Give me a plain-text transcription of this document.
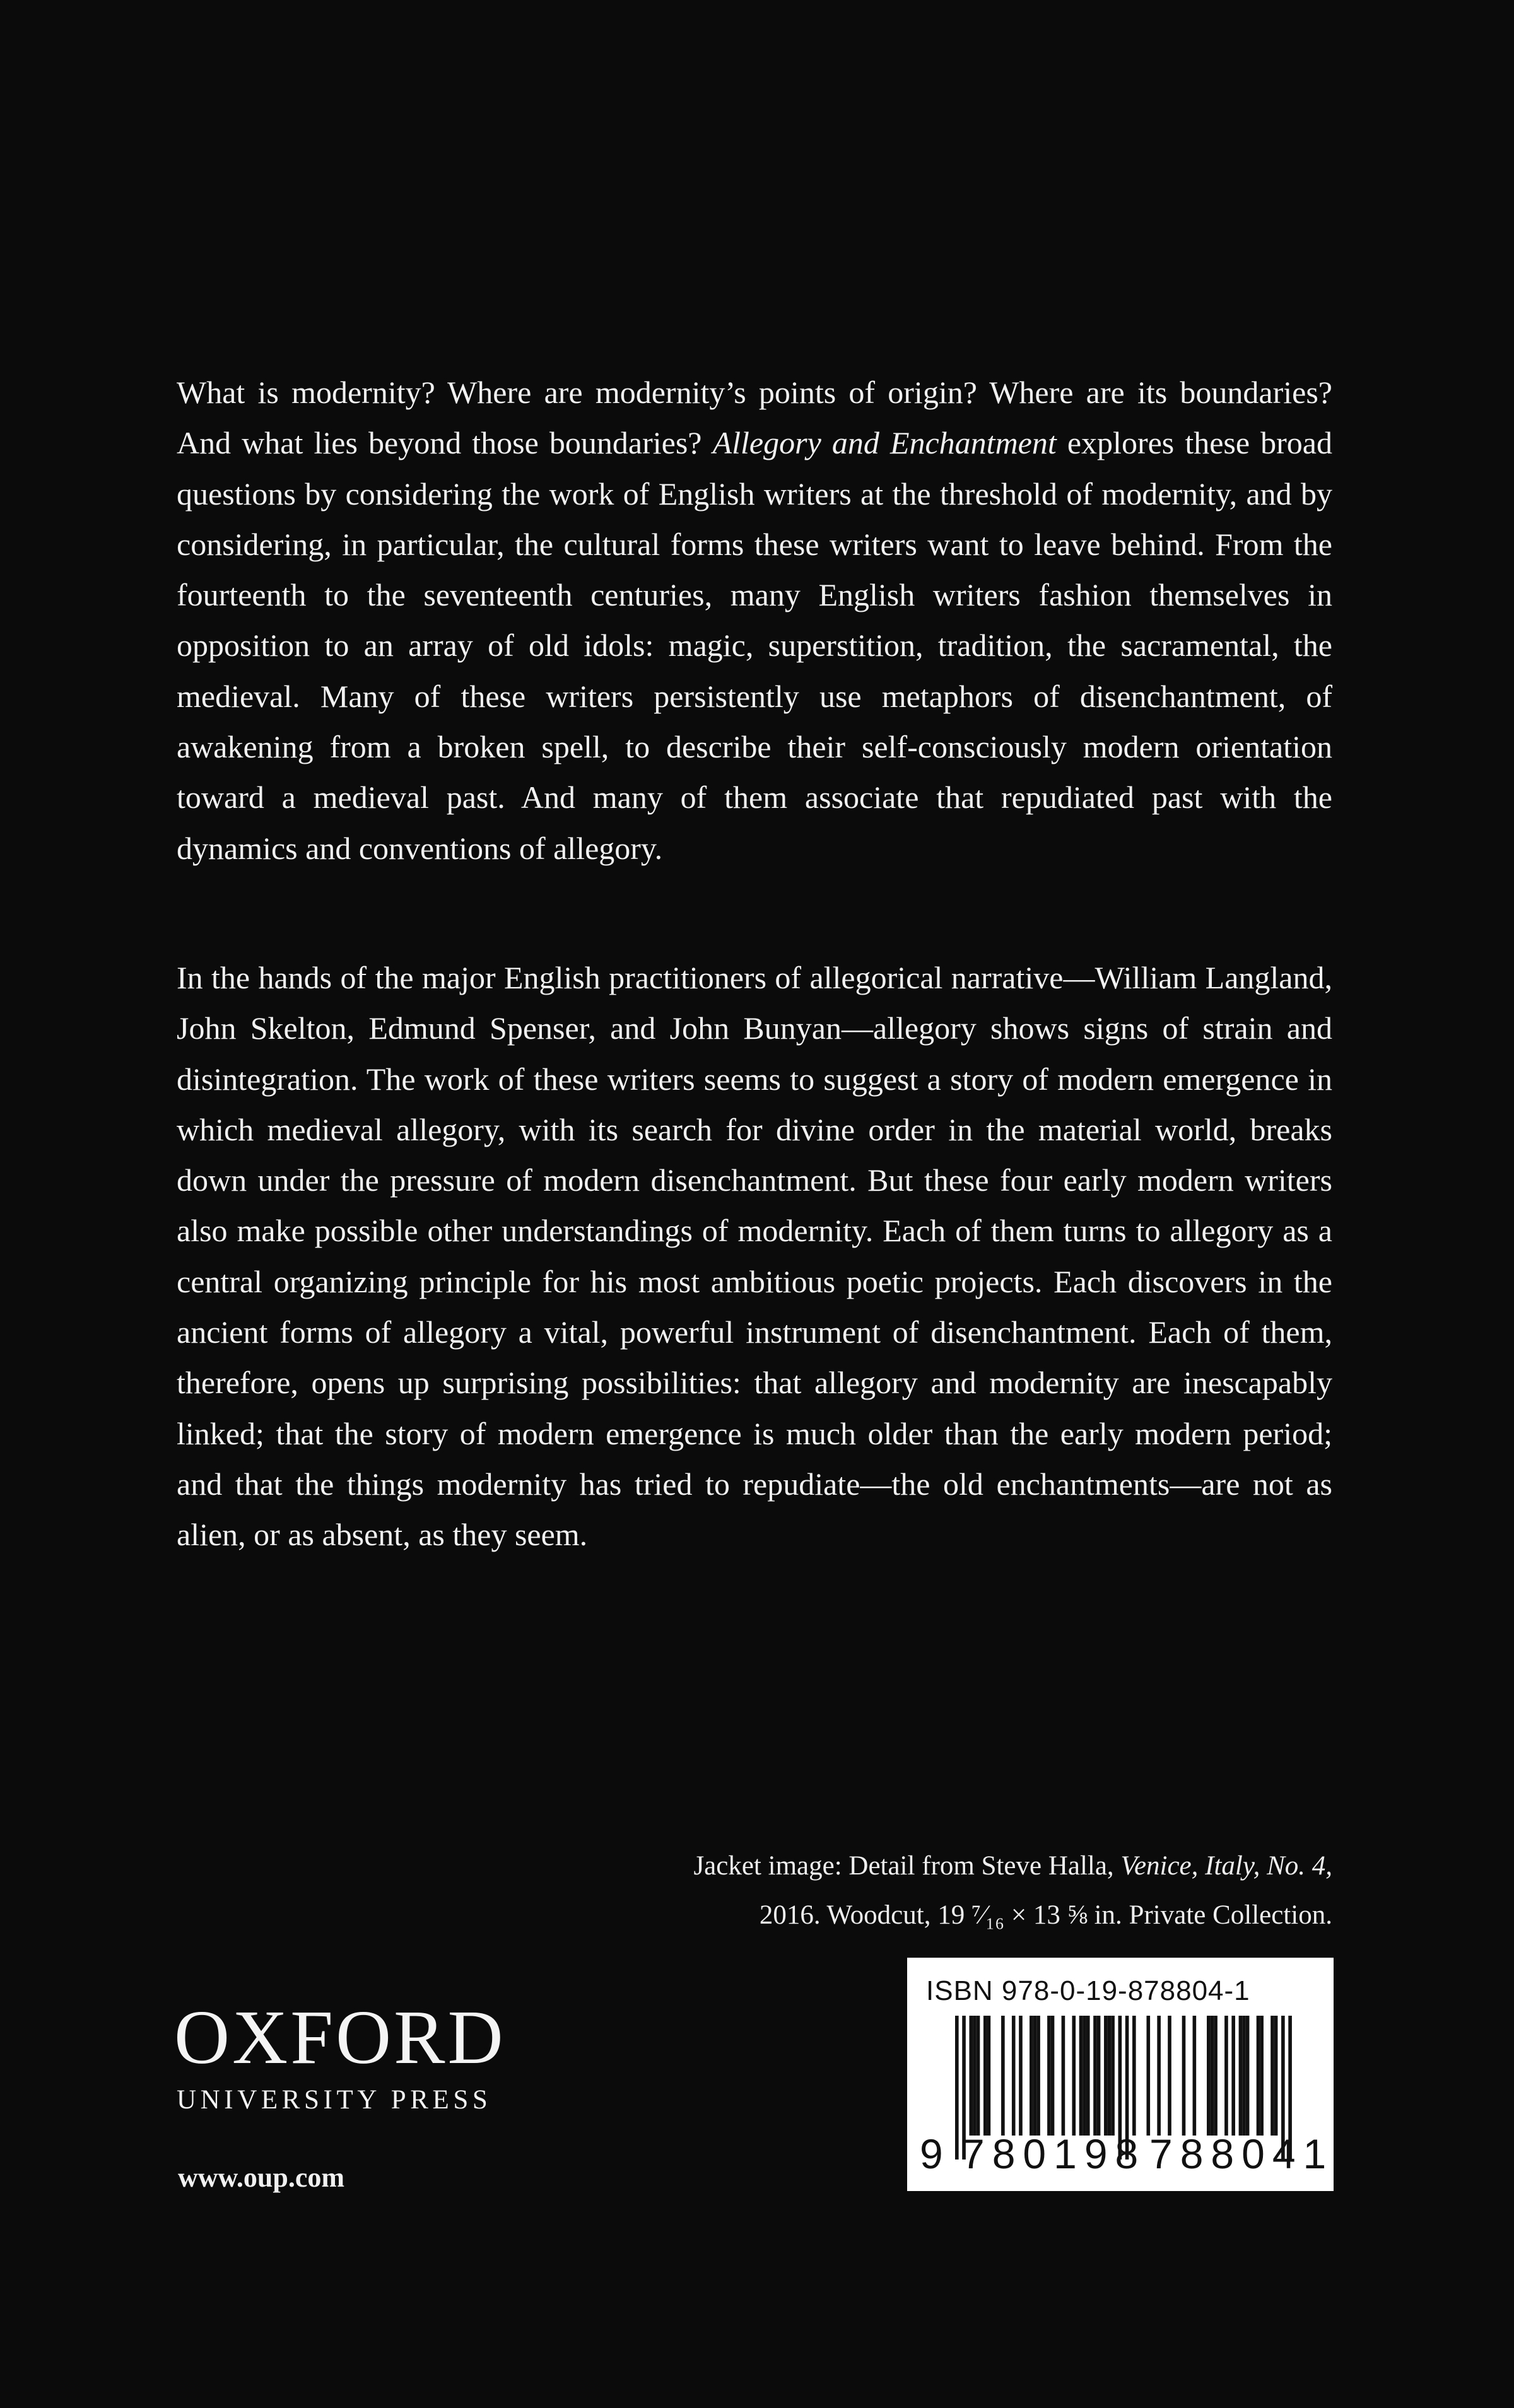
What is modernity? Where are modernity’s points of origin? Where are its boundaries? And what lies beyond those boundaries? Allegory and Enchantment explores these broad questions by considering the work of English writers at the threshold of modernity, and by considering, in particular, the cultural forms these writers want to leave behind. From the fourteenth to the seventeenth centuries, many English writers fashion themselves in opposition to an array of old idols: magic, superstition, tradition, the sacramental, the medieval. Many of these writers persistently use metaphors of disenchantment, of awakening from a broken spell, to describe their self-consciously modern orientation toward a medieval past. And many of them associate that repudiated past with the dynamics and conventions of allegory.

In the hands of the major English practitioners of allegorical narrative—William Langland, John Skelton, Edmund Spenser, and John Bunyan—allegory shows signs of strain and disintegration. The work of these writers seems to suggest a story of modern emergence in which medieval allegory, with its search for divine order in the material world, breaks down under the pressure of modern disenchantment. But these four early modern writers also make possible other understandings of modernity. Each of them turns to allegory as a central organizing principle for his most ambitious poetic projects. Each discovers in the ancient forms of allegory a vital, powerful instrument of disenchantment. Each of them, therefore, opens up surprising possibilities: that allegory and modernity are inescapably linked; that the story of modern emergence is much older than the early modern period; and that the things modernity has tried to repudiate—the old enchantments—are not as alien, or as absent, as they seem.

Jacket image: Detail from Steve Halla, Venice, Italy, No. 4,
2016. Woodcut, 19 ⁷⁄₁₆ × 13 ⅝ in. Private Collection.
OXFORD
UNIVERSITY PRESS
www.oup.com
ISBN 978-0-19-878804-1
9 780198 788041
